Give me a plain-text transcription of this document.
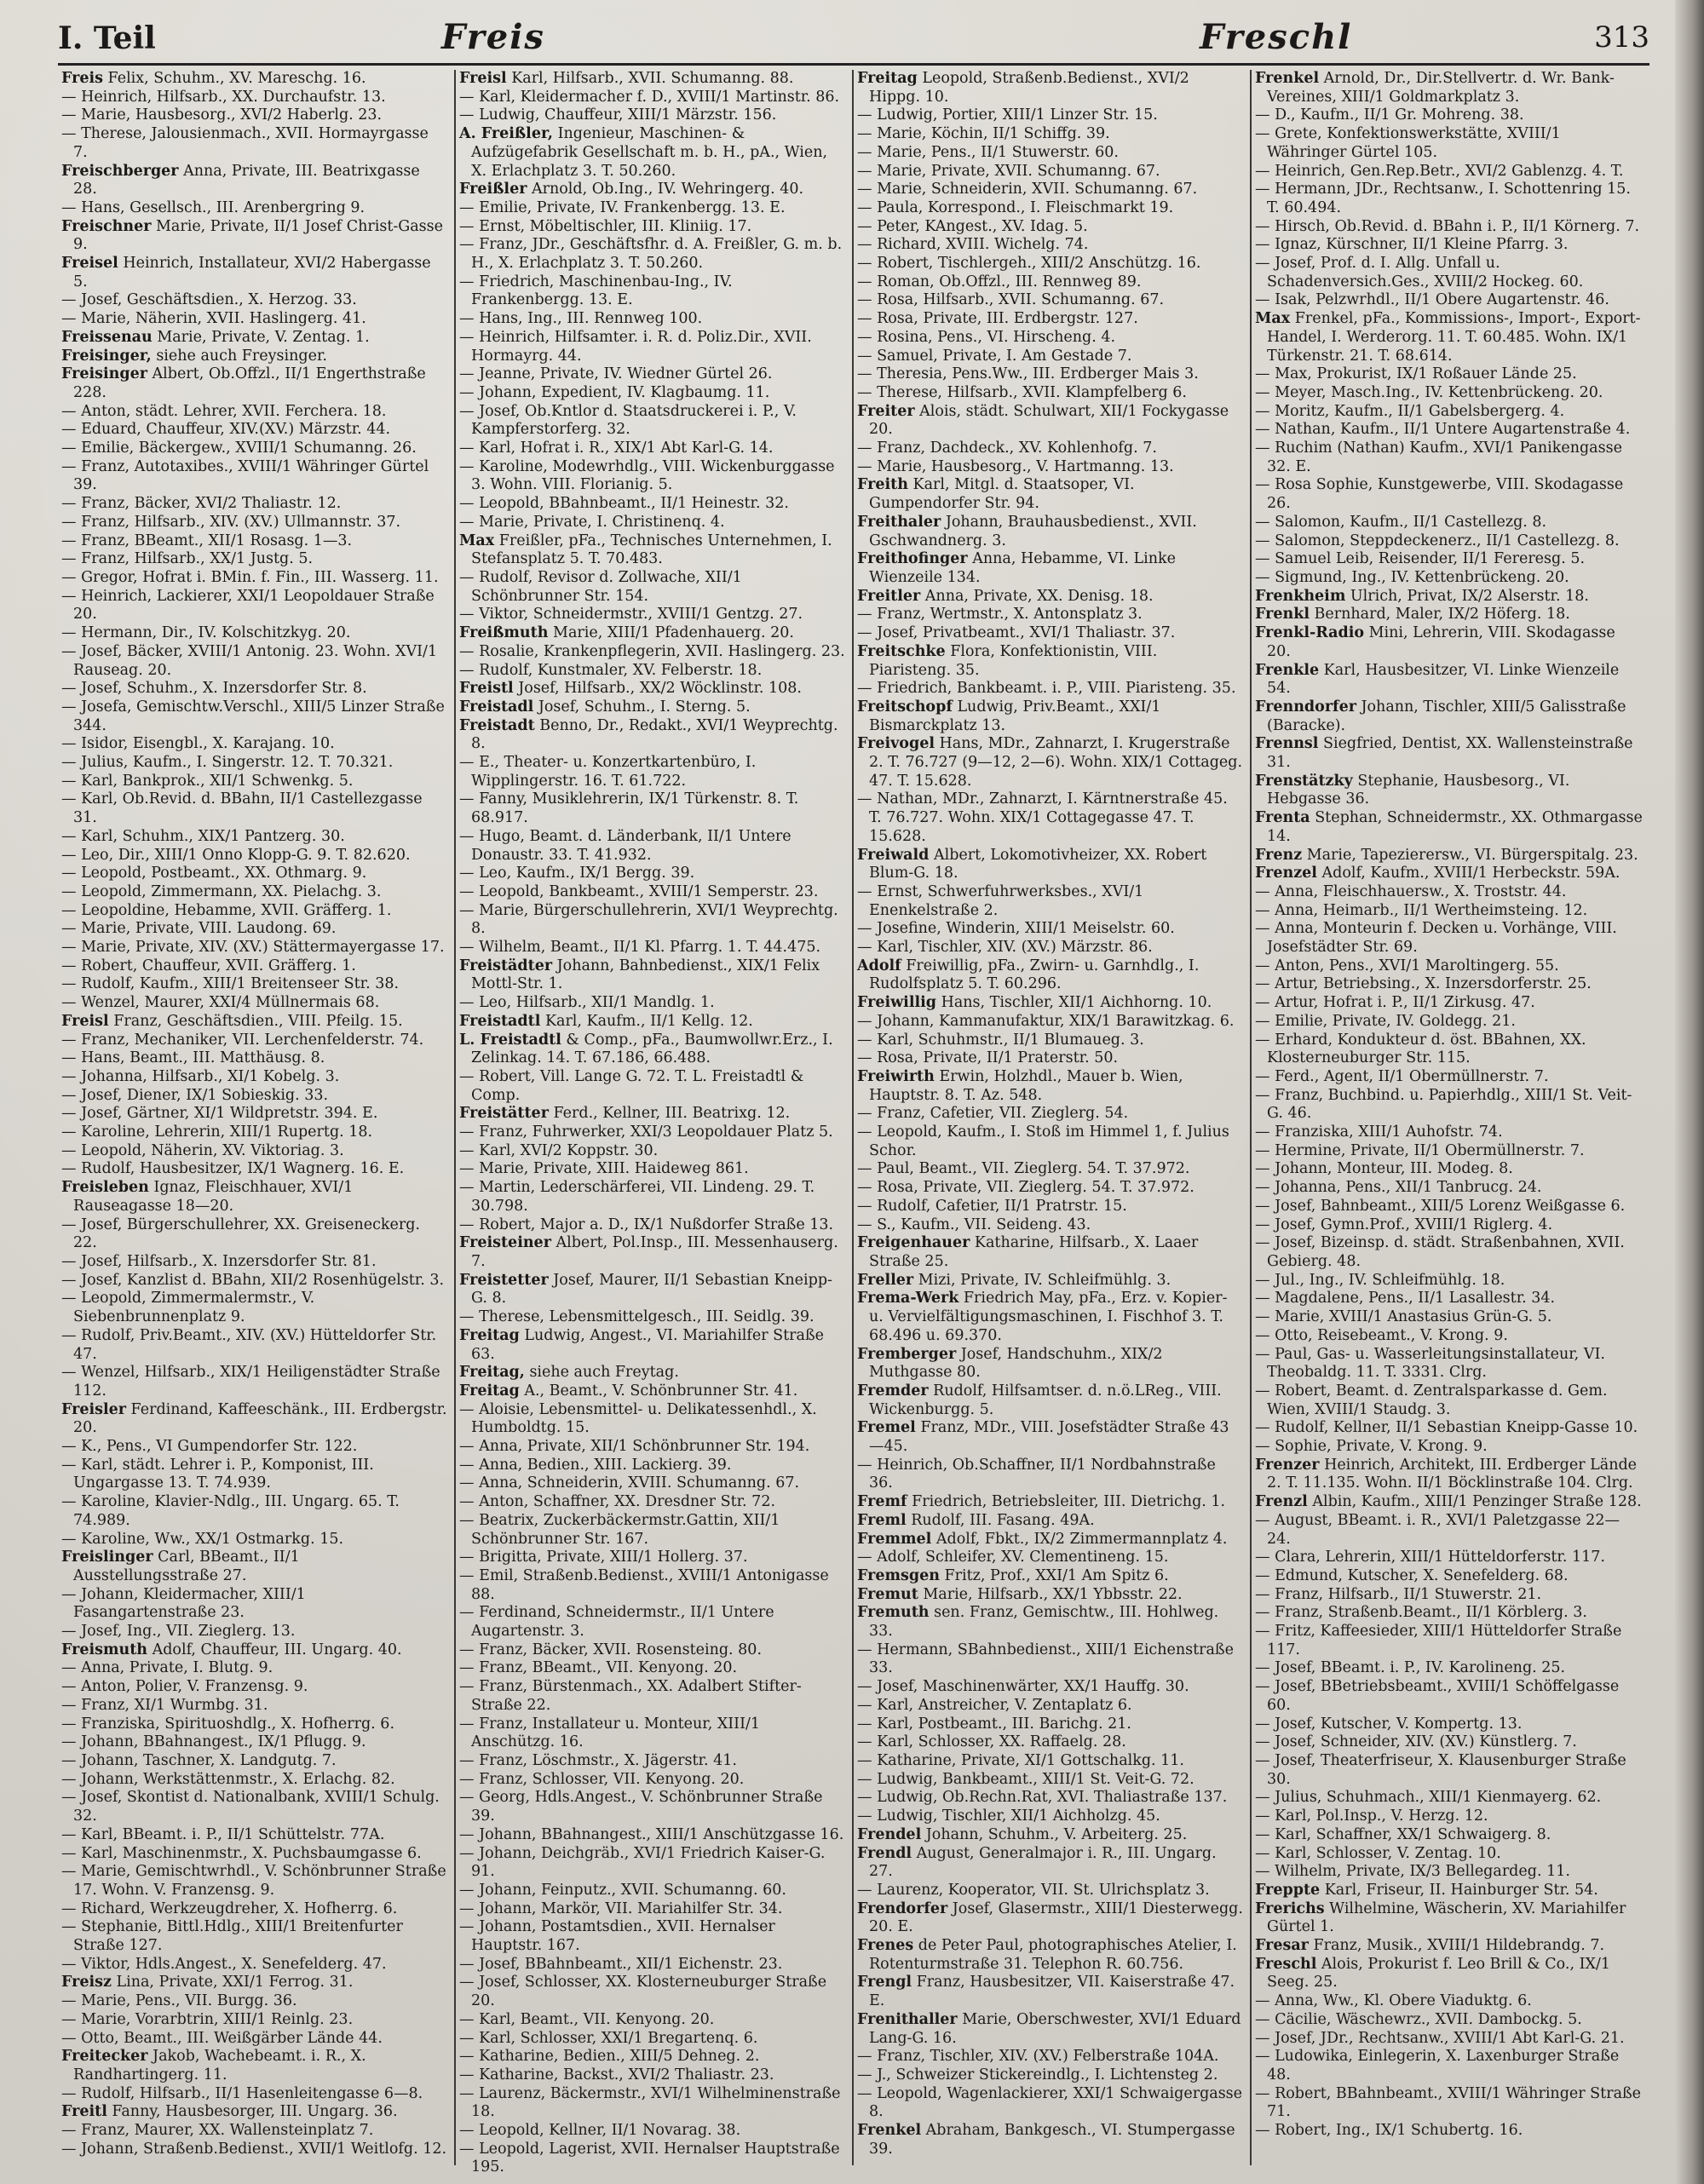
I. Teil	Freis	Freschl	313
Freis Felix, Schuhm., XV. Mareschg. 16.
— Heinrich, Hilfsarb., XX. Durchaufstr. 13.
— Marie, Hausbesorg., XVI/2 Haberlg. 23.
— Therese, Jalousienmach., XVII. Hormayrgasse 7.
Freischberger Anna, Private, III. Beatrixgasse 28.
— Hans, Gesellsch., III. Arenbergring 9.
Freischner Marie, Private, II/1 Josef Christ-Gasse 9.
Freisel Heinrich, Installateur, XVI/2 Habergasse 5.
— Josef, Geschäftsdien., X. Herzog. 33.
— Marie, Näherin, XVII. Haslingerg. 41.
Freissenau Marie, Private, V. Zentag. 1.
Freisinger, siehe auch Freysinger.
Freisinger Albert, Ob.Offzl., II/1 Engerthstraße 228.
— Anton, städt. Lehrer, XVII. Ferchera. 18.
— Eduard, Chauffeur, XIV.(XV.) Märzstr. 44.
— Emilie, Bäckergew., XVIII/1 Schumanng. 26.
— Franz, Autotaxibes., XVIII/1 Währinger Gürtel 39.
— Franz, Bäcker, XVI/2 Thaliastr. 12.
— Franz, Hilfsarb., XIV. (XV.) Ullmannstr. 37.
— Franz, BBeamt., XII/1 Rosasg. 1—3.
— Franz, Hilfsarb., XX/1 Justg. 5.
— Gregor, Hofrat i. BMin. f. Fin., III. Wasserg. 11.
— Heinrich, Lackierer, XXI/1 Leopoldauer Straße 20.
— Hermann, Dir., IV. Kolschitzkyg. 20.
— Josef, Bäcker, XVIII/1 Antonig. 23. Wohn. XVI/1 Rauseag. 20.
— Josef, Schuhm., X. Inzersdorfer Str. 8.
— Josefa, Gemischtw.Verschl., XIII/5 Linzer Straße 344.
— Isidor, Eisengbl., X. Karajang. 10.
— Julius, Kaufm., I. Singerstr. 12. T. 70.321.
— Karl, Bankprok., XII/1 Schwenkg. 5.
— Karl, Ob.Revid. d. BBahn, II/1 Castellezgasse 31.
— Karl, Schuhm., XIX/1 Pantzerg. 30.
— Leo, Dir., XIII/1 Onno Klopp-G. 9. T. 82.620.
— Leopold, Postbeamt., XX. Othmarg. 9.
— Leopold, Zimmermann, XX. Pielachg. 3.
— Leopoldine, Hebamme, XVII. Gräfferg. 1.
— Marie, Private, VIII. Laudong. 69.
— Marie, Private, XIV. (XV.) Stättermayergasse 17.
— Robert, Chauffeur, XVII. Gräfferg. 1.
— Rudolf, Kaufm., XIII/1 Breitenseer Str. 38.
— Wenzel, Maurer, XXI/4 Müllnermais 68.
Freisl Franz, Geschäftsdien., VIII. Pfeilg. 15.
— Franz, Mechaniker, VII. Lerchenfelderstr. 74.
— Hans, Beamt., III. Matthäusg. 8.
— Johanna, Hilfsarb., XI/1 Kobelg. 3.
— Josef, Diener, IX/1 Sobieskig. 33.
— Josef, Gärtner, XI/1 Wildpretstr. 394. E.
— Karoline, Lehrerin, XIII/1 Rupertg. 18.
— Leopold, Näherin, XV. Viktoriag. 3.
— Rudolf, Hausbesitzer, IX/1 Wagnerg. 16. E.
Freisleben Ignaz, Fleischhauer, XVI/1 Rauseagasse 18—20.
— Josef, Bürgerschullehrer, XX. Greiseneckerg. 22.
— Josef, Hilfsarb., X. Inzersdorfer Str. 81.
— Josef, Kanzlist d. BBahn, XII/2 Rosenhügelstr. 3.
— Leopold, Zimmermalermstr., V. Siebenbrunnenplatz 9.
— Rudolf, Priv.Beamt., XIV. (XV.) Hütteldorfer Str. 47.
— Wenzel, Hilfsarb., XIX/1 Heiligenstädter Straße 112.
Freisler Ferdinand, Kaffeeschänk., III. Erdbergstr. 20.
— K., Pens., VI Gumpendorfer Str. 122.
— Karl, städt. Lehrer i. P., Komponist, III. Ungargasse 13. T. 74.939.
— Karoline, Klavier-Ndlg., III. Ungarg. 65. T. 74.989.
— Karoline, Ww., XX/1 Ostmarkg. 15.
Freislinger Carl, BBeamt., II/1 Ausstellungsstraße 27.
— Johann, Kleidermacher, XIII/1 Fasangartenstraße 23.
— Josef, Ing., VII. Zieglerg. 13.
Freismuth Adolf, Chauffeur, III. Ungarg. 40.
— Anna, Private, I. Blutg. 9.
— Anton, Polier, V. Franzensg. 9.
— Franz, XI/1 Wurmbg. 31.
— Franziska, Spirituoshdlg., X. Hofherrg. 6.
— Johann, BBahnangest., IX/1 Pflugg. 9.
— Johann, Taschner, X. Landgutg. 7.
— Johann, Werkstättenmstr., X. Erlachg. 82.
— Josef, Skontist d. Nationalbank, XVIII/1 Schulg. 32.
— Karl, BBeamt. i. P., II/1 Schüttelstr. 77A.
— Karl, Maschinenmstr., X. Puchsbaumgasse 6.
— Marie, Gemischtwrhdl., V. Schönbrunner Straße 17. Wohn. V. Franzensg. 9.
— Richard, Werkzeugdreher, X. Hofherrg. 6.
— Stephanie, Bittl.Hdlg., XIII/1 Breitenfurter Straße 127.
— Viktor, Hdls.Angest., X. Senefelderg. 47.
Freisz Lina, Private, XXI/1 Ferrog. 31.
— Marie, Pens., VII. Burgg. 36.
— Marie, Vorarbtrin, XIII/1 Reinlg. 23.
— Otto, Beamt., III. Weißgärber Lände 44.
Freitecker Jakob, Wachebeamt. i. R., X. Randhartingerg. 11.
— Rudolf, Hilfsarb., II/1 Hasenleitengasse 6—8.
Freitl Fanny, Hausbesorger, III. Ungarg. 36.
— Franz, Maurer, XX. Wallensteinplatz 7.
— Johann, Straßenb.Bedienst., XVII/1 Weitlofg. 12.
Freisl Karl, Hilfsarb., XVII. Schumanng. 88.
— Karl, Kleidermacher f. D., XVIII/1 Martinstr. 86.
— Ludwig, Chauffeur, XIII/1 Märzstr. 156.
A. Freißler, Ingenieur, Maschinen- & Aufzügefabrik Gesellschaft m. b. H., pA., Wien, X. Erlachplatz 3. T. 50.260.
Freißler Arnold, Ob.Ing., IV. Wehringerg. 40.
— Emilie, Private, IV. Frankenbergg. 13. E.
— Ernst, Möbeltischler, III. Kliniig. 17.
— Franz, JDr., Geschäftsfhr. d. A. Freißler, G. m. b. H., X. Erlachplatz 3. T. 50.260.
— Friedrich, Maschinenbau-Ing., IV. Frankenbergg. 13. E.
— Hans, Ing., III. Rennweg 100.
— Heinrich, Hilfsamter. i. R. d. Poliz.Dir., XVII. Hormayrg. 44.
— Jeanne, Private, IV. Wiedner Gürtel 26.
— Johann, Expedient, IV. Klagbaumg. 11.
— Josef, Ob.Kntlor d. Staatsdruckerei i. P., V. Kampferstorferg. 32.
— Karl, Hofrat i. R., XIX/1 Abt Karl-G. 14.
— Karoline, Modewrhdlg., VIII. Wickenburggasse 3. Wohn. VIII. Florianig. 5.
— Leopold, BBahnbeamt., II/1 Heinestr. 32.
— Marie, Private, I. Christinenq. 4.
Max Freißler, pFa., Technisches Unternehmen, I. Stefansplatz 5. T. 70.483.
— Rudolf, Revisor d. Zollwache, XII/1 Schönbrunner Str. 154.
— Viktor, Schneidermstr., XVIII/1 Gentzg. 27.
Freißmuth Marie, XIII/1 Pfadenhauerg. 20.
— Rosalie, Krankenpflegerin, XVII. Haslingerg. 23.
— Rudolf, Kunstmaler, XV. Felberstr. 18.
Freistl Josef, Hilfsarb., XX/2 Wöcklinstr. 108.
Freistadl Josef, Schuhm., I. Sterng. 5.
Freistadt Benno, Dr., Redakt., XVI/1 Weyprechtg. 8.
— E., Theater- u. Konzertkartenbüro, I. Wipplingerstr. 16. T. 61.722.
— Fanny, Musiklehrerin, IX/1 Türkenstr. 8. T. 68.917.
— Hugo, Beamt. d. Länderbank, II/1 Untere Donaustr. 33. T. 41.932.
— Leo, Kaufm., IX/1 Bergg. 39.
— Leopold, Bankbeamt., XVIII/1 Semperstr. 23.
— Marie, Bürgerschullehrerin, XVI/1 Weyprechtg. 8.
— Wilhelm, Beamt., II/1 Kl. Pfarrg. 1. T. 44.475.
Freistädter Johann, Bahnbedienst., XIX/1 Felix Mottl-Str. 1.
— Leo, Hilfsarb., XII/1 Mandlg. 1.
Freistadtl Karl, Kaufm., II/1 Kellg. 12.
L. Freistadtl & Comp., pFa., Baumwollwr.Erz., I. Zelinkag. 14. T. 67.186, 66.488.
— Robert, Vill. Lange G. 72. T. L. Freistadtl & Comp.
Freistätter Ferd., Kellner, III. Beatrixg. 12.
— Franz, Fuhrwerker, XXI/3 Leopoldauer Platz 5.
— Karl, XVI/2 Koppstr. 30.
— Marie, Private, XIII. Haideweg 861.
— Martin, Lederschärferei, VII. Lindeng. 29. T. 30.798.
— Robert, Major a. D., IX/1 Nußdorfer Straße 13.
Freisteiner Albert, Pol.Insp., III. Messenhauserg. 7.
Freistetter Josef, Maurer, II/1 Sebastian Kneipp-G. 8.
— Therese, Lebensmittelgesch., III. Seidlg. 39.
Freitag Ludwig, Angest., VI. Mariahilfer Straße 63.
Freitag, siehe auch Freytag.
Freitag A., Beamt., V. Schönbrunner Str. 41.
— Aloisie, Lebensmittel- u. Delikatessenhdl., X. Humboldtg. 15.
— Anna, Private, XII/1 Schönbrunner Str. 194.
— Anna, Bedien., XIII. Lackierg. 39.
— Anna, Schneiderin, XVIII. Schumanng. 67.
— Anton, Schaffner, XX. Dresdner Str. 72.
— Beatrix, Zuckerbäckermstr.Gattin, XII/1 Schönbrunner Str. 167.
— Brigitta, Private, XIII/1 Hollerg. 37.
— Emil, Straßenb.Bedienst., XVIII/1 Antonigasse 88.
— Ferdinand, Schneidermstr., II/1 Untere Augartenstr. 3.
— Franz, Bäcker, XVII. Rosensteing. 80.
— Franz, BBeamt., VII. Kenyong. 20.
— Franz, Bürstenmach., XX. Adalbert Stifter-Straße 22.
— Franz, Installateur u. Monteur, XIII/1 Anschützg. 16.
— Franz, Löschmstr., X. Jägerstr. 41.
— Franz, Schlosser, VII. Kenyong. 20.
— Georg, Hdls.Angest., V. Schönbrunner Straße 39.
— Johann, BBahnangest., XIII/1 Anschützgasse 16.
— Johann, Deichgräb., XVI/1 Friedrich Kaiser-G. 91.
— Johann, Feinputz., XVII. Schumanng. 60.
— Johann, Markör, VII. Mariahilfer Str. 34.
— Johann, Postamtsdien., XVII. Hernalser Hauptstr. 167.
— Josef, BBahnbeamt., XII/1 Eichenstr. 23.
— Josef, Schlosser, XX. Klosterneuburger Straße 20.
— Karl, Beamt., VII. Kenyong. 20.
— Karl, Schlosser, XXI/1 Bregartenq. 6.
— Katharine, Bedien., XIII/5 Dehneg. 2.
— Katharine, Backst., XVI/2 Thaliastr. 23.
— Laurenz, Bäckermstr., XVI/1 Wilhelminenstraße 18.
— Leopold, Kellner, II/1 Novarag. 38.
— Leopold, Lagerist, XVII. Hernalser Hauptstraße 195.
Freitag Leopold, Straßenb.Bedienst., XVI/2 Hippg. 10.
— Ludwig, Portier, XIII/1 Linzer Str. 15.
— Marie, Köchin, II/1 Schiffg. 39.
— Marie, Pens., II/1 Stuwerstr. 60.
— Marie, Private, XVII. Schumanng. 67.
— Marie, Schneiderin, XVII. Schumanng. 67.
— Paula, Korrespond., I. Fleischmarkt 19.
— Peter, KAngest., XV. Idag. 5.
— Richard, XVIII. Wichelg. 74.
— Robert, Tischlergeh., XIII/2 Anschützg. 16.
— Roman, Ob.Offzl., III. Rennweg 89.
— Rosa, Hilfsarb., XVII. Schumanng. 67.
— Rosa, Private, III. Erdbergstr. 127.
— Rosina, Pens., VI. Hirscheng. 4.
— Samuel, Private, I. Am Gestade 7.
— Theresia, Pens.Ww., III. Erdberger Mais 3.
— Therese, Hilfsarb., XVII. Klampfelberg 6.
Freiter Alois, städt. Schulwart, XII/1 Fockygasse 20.
— Franz, Dachdeck., XV. Kohlenhofg. 7.
— Marie, Hausbesorg., V. Hartmanng. 13.
Freith Karl, Mitgl. d. Staatsoper, VI. Gumpendorfer Str. 94.
Freithaler Johann, Brauhausbedienst., XVII. Gschwandnerg. 3.
Freithofinger Anna, Hebamme, VI. Linke Wienzeile 134.
Freitler Anna, Private, XX. Denisg. 18.
— Franz, Wertmstr., X. Antonsplatz 3.
— Josef, Privatbeamt., XVI/1 Thaliastr. 37.
Freitschke Flora, Konfektionistin, VIII. Piaristeng. 35.
— Friedrich, Bankbeamt. i. P., VIII. Piaristeng. 35.
Freitschopf Ludwig, Priv.Beamt., XXI/1 Bismarckplatz 13.
Freivogel Hans, MDr., Zahnarzt, I. Krugerstraße 2. T. 76.727 (9—12, 2—6). Wohn. XIX/1 Cottageg. 47. T. 15.628.
— Nathan, MDr., Zahnarzt, I. Kärntnerstraße 45. T. 76.727. Wohn. XIX/1 Cottagegasse 47. T. 15.628.
Freiwald Albert, Lokomotivheizer, XX. Robert Blum-G. 18.
— Ernst, Schwerfuhrwerksbes., XVI/1 Enenkelstraße 2.
— Josefine, Winderin, XIII/1 Meiselstr. 60.
— Karl, Tischler, XIV. (XV.) Märzstr. 86.
Adolf Freiwillig, pFa., Zwirn- u. Garnhdlg., I. Rudolfsplatz 5. T. 60.296.
Freiwillig Hans, Tischler, XII/1 Aichhorng. 10.
— Johann, Kammanufaktur, XIX/1 Barawitzkag. 6.
— Karl, Schuhmstr., II/1 Blumaueg. 3.
— Rosa, Private, II/1 Praterstr. 50.
Freiwirth Erwin, Holzhdl., Mauer b. Wien, Hauptstr. 8. T. Az. 548.
— Franz, Cafetier, VII. Zieglerg. 54.
— Leopold, Kaufm., I. Stoß im Himmel 1, f. Julius Schor.
— Paul, Beamt., VII. Zieglerg. 54. T. 37.972.
— Rosa, Private, VII. Zieglerg. 54. T. 37.972.
— Rudolf, Cafetier, II/1 Pratrstr. 15.
— S., Kaufm., VII. Seideng. 43.
Freigenhauer Katharine, Hilfsarb., X. Laaer Straße 25.
Freller Mizi, Private, IV. Schleifmühlg. 3.
Frema-Werk Friedrich May, pFa., Erz. v. Kopier- u. Vervielfältigungsmaschinen, I. Fischhof 3. T. 68.496 u. 69.370.
Fremberger Josef, Handschuhm., XIX/2 Muthgasse 80.
Fremder Rudolf, Hilfsamtser. d. n.ö.LReg., VIII. Wickenburgg. 5.
Fremel Franz, MDr., VIII. Josefstädter Straße 43—45.
— Heinrich, Ob.Schaffner, II/1 Nordbahnstraße 36.
Fremf Friedrich, Betriebsleiter, III. Dietrichg. 1.
Freml Rudolf, III. Fasang. 49A.
Fremmel Adolf, Fbkt., IX/2 Zimmermannplatz 4.
— Adolf, Schleifer, XV. Clementineng. 15.
Fremsgen Fritz, Prof., XXI/1 Am Spitz 6.
Fremut Marie, Hilfsarb., XX/1 Ybbsstr. 22.
Fremuth sen. Franz, Gemischtw., III. Hohlweg. 33.
— Hermann, SBahnbedienst., XIII/1 Eichenstraße 33.
— Josef, Maschinenwärter, XX/1 Hauffg. 30.
— Karl, Anstreicher, V. Zentaplatz 6.
— Karl, Postbeamt., III. Barichg. 21.
— Karl, Schlosser, XX. Raffaelg. 28.
— Katharine, Private, XI/1 Gottschalkg. 11.
— Ludwig, Bankbeamt., XIII/1 St. Veit-G. 72.
— Ludwig, Ob.Rechn.Rat, XVI. Thaliastraße 137.
— Ludwig, Tischler, XII/1 Aichholzg. 45.
Frendel Johann, Schuhm., V. Arbeiterg. 25.
Frendl August, Generalmajor i. R., III. Ungarg. 27.
— Laurenz, Kooperator, VII. St. Ulrichsplatz 3.
Frendorfer Josef, Glasermstr., XIII/1 Diesterwegg. 20. E.
Frenes de Peter Paul, photographisches Atelier, I. Rotenturmstraße 31. Telephon R. 60.756.
Frengl Franz, Hausbesitzer, VII. Kaiserstraße 47. E.
Frenithaller Marie, Oberschwester, XVI/1 Eduard Lang-G. 16.
— Franz, Tischler, XIV. (XV.) Felberstraße 104A.
— J., Schweizer Stickereindlg., I. Lichtensteg 2.
— Leopold, Wagenlackierer, XXI/1 Schwaigergasse 8.
Frenkel Abraham, Bankgesch., VI. Stumpergasse 39.
Frenkel Arnold, Dr., Dir.Stellvertr. d. Wr. Bank-Vereines, XIII/1 Goldmarkplatz 3.
— D., Kaufm., II/1 Gr. Mohreng. 38.
— Grete, Konfektionswerkstätte, XVIII/1 Währinger Gürtel 105.
— Heinrich, Gen.Rep.Betr., XVI/2 Gablenzg. 4. T.
— Hermann, JDr., Rechtsanw., I. Schottenring 15. T. 60.494.
— Hirsch, Ob.Revid. d. BBahn i. P., II/1 Körnerg. 7.
— Ignaz, Kürschner, II/1 Kleine Pfarrg. 3.
— Josef, Prof. d. I. Allg. Unfall u. Schadenversich.Ges., XVIII/2 Hockeg. 60.
— Isak, Pelzwrhdl., II/1 Obere Augartenstr. 46.
Max Frenkel, pFa., Kommissions-, Import-, Export-Handel, I. Werderorg. 11. T. 60.485. Wohn. IX/1 Türkenstr. 21. T. 68.614.
— Max, Prokurist, IX/1 Roßauer Lände 25.
— Meyer, Masch.Ing., IV. Kettenbrückeng. 20.
— Moritz, Kaufm., II/1 Gabelsbergerg. 4.
— Nathan, Kaufm., II/1 Untere Augartenstraße 4.
— Ruchim (Nathan) Kaufm., XVI/1 Panikengasse 32. E.
— Rosa Sophie, Kunstgewerbe, VIII. Skodagasse 26.
— Salomon, Kaufm., II/1 Castellezg. 8.
— Salomon, Steppdeckenerz., II/1 Castellezg. 8.
— Samuel Leib, Reisender, II/1 Fereresg. 5.
— Sigmund, Ing., IV. Kettenbrückeng. 20.
Frenkheim Ulrich, Privat, IX/2 Alserstr. 18.
Frenkl Bernhard, Maler, IX/2 Höferg. 18.
Frenkl-Radio Mini, Lehrerin, VIII. Skodagasse 20.
Frenkle Karl, Hausbesitzer, VI. Linke Wienzeile 54.
Frenndorfer Johann, Tischler, XIII/5 Galisstraße (Baracke).
Frennsl Siegfried, Dentist, XX. Wallensteinstraße 31.
Frenstätzky Stephanie, Hausbesorg., VI. Hebgasse 36.
Frenta Stephan, Schneidermstr., XX. Othmargasse 14.
Frenz Marie, Tapezierersw., VI. Bürgerspitalg. 23.
Frenzel Adolf, Kaufm., XVIII/1 Herbeckstr. 59A.
— Anna, Fleischhauersw., X. Troststr. 44.
— Anna, Heimarb., II/1 Wertheimsteing. 12.
— Anna, Monteurin f. Decken u. Vorhänge, VIII. Josefstädter Str. 69.
— Anton, Pens., XVI/1 Maroltingerg. 55.
— Artur, Betriebsing., X. Inzersdorferstr. 25.
— Artur, Hofrat i. P., II/1 Zirkusg. 47.
— Emilie, Private, IV. Goldegg. 21.
— Erhard, Kondukteur d. öst. BBahnen, XX. Klosterneuburger Str. 115.
— Ferd., Agent, II/1 Obermüllnerstr. 7.
— Franz, Buchbind. u. Papierhdlg., XIII/1 St. Veit-G. 46.
— Franziska, XIII/1 Auhofstr. 74.
— Hermine, Private, II/1 Obermüllnerstr. 7.
— Johann, Monteur, III. Modeg. 8.
— Johanna, Pens., XII/1 Tanbrucg. 24.
— Josef, Bahnbeamt., XIII/5 Lorenz Weißgasse 6.
— Josef, Gymn.Prof., XVIII/1 Riglerg. 4.
— Josef, Bizeinsp. d. städt. Straßenbahnen, XVII. Gebierg. 48.
— Jul., Ing., IV. Schleifmühlg. 18.
— Magdalene, Pens., II/1 Lasallestr. 34.
— Marie, XVIII/1 Anastasius Grün-G. 5.
— Otto, Reisebeamt., V. Krong. 9.
— Paul, Gas- u. Wasserleitungsinstallateur, VI. Theobaldg. 11. T. 3331. Clrg.
— Robert, Beamt. d. Zentralsparkasse d. Gem. Wien, XVIII/1 Staudg. 3.
— Rudolf, Kellner, II/1 Sebastian Kneipp-Gasse 10.
— Sophie, Private, V. Krong. 9.
Frenzer Heinrich, Architekt, III. Erdberger Lände 2. T. 11.135. Wohn. II/1 Böcklinstraße 104. Clrg.
Frenzl Albin, Kaufm., XIII/1 Penzinger Straße 128.
— August, BBeamt. i. R., XVI/1 Paletzgasse 22—24.
— Clara, Lehrerin, XIII/1 Hütteldorferstr. 117.
— Edmund, Kutscher, X. Senefelderg. 68.
— Franz, Hilfsarb., II/1 Stuwerstr. 21.
— Franz, Straßenb.Beamt., II/1 Körblerg. 3.
— Fritz, Kaffeesieder, XIII/1 Hütteldorfer Straße 117.
— Josef, BBeamt. i. P., IV. Karolineng. 25.
— Josef, BBetriebsbeamt., XVIII/1 Schöffelgasse 60.
— Josef, Kutscher, V. Kompertg. 13.
— Josef, Schneider, XIV. (XV.) Künstlerg. 7.
— Josef, Theaterfriseur, X. Klausenburger Straße 30.
— Julius, Schuhmach., XIII/1 Kienmayerg. 62.
— Karl, Pol.Insp., V. Herzg. 12.
— Karl, Schaffner, XX/1 Schwaigerg. 8.
— Karl, Schlosser, V. Zentag. 10.
— Wilhelm, Private, IX/3 Bellegardeg. 11.
Freppte Karl, Friseur, II. Hainburger Str. 54.
Frerichs Wilhelmine, Wäscherin, XV. Mariahilfer Gürtel 1.
Fresar Franz, Musik., XVIII/1 Hildebrandg. 7.
Freschl Alois, Prokurist f. Leo Brill & Co., IX/1 Seeg. 25.
— Anna, Ww., Kl. Obere Viaduktg. 6.
— Cäcilie, Wäschewrz., XVII. Dambockg. 5.
— Josef, JDr., Rechtsanw., XVIII/1 Abt Karl-G. 21.
— Ludowika, Einlegerin, X. Laxenburger Straße 48.
— Robert, BBahnbeamt., XVIII/1 Währinger Straße 71.
— Robert, Ing., IX/1 Schubertg. 16.
